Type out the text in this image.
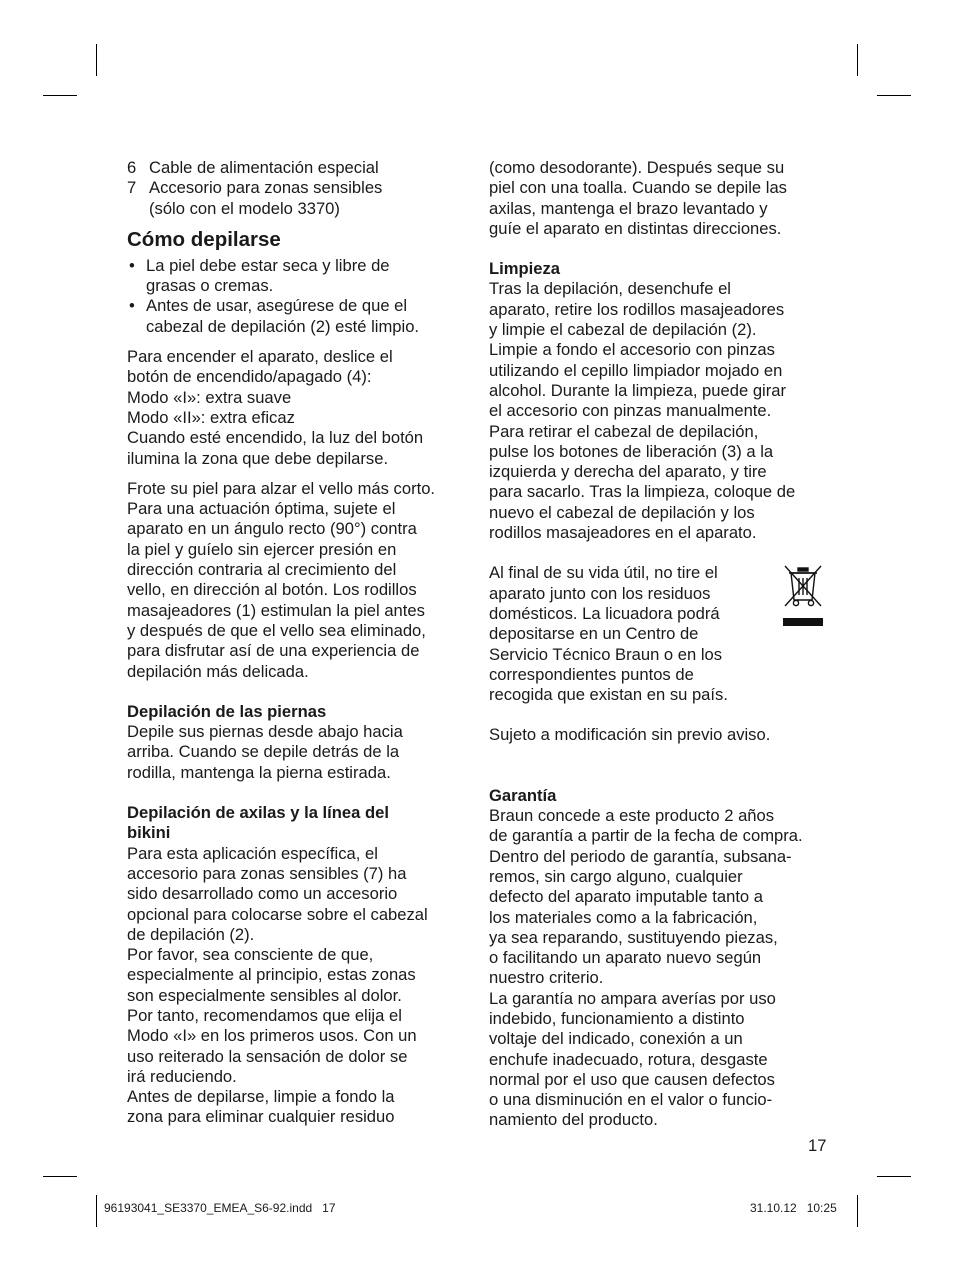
6 Cable de alimentación especial
7 Accesorio para zonas sensibles
(sólo con el modelo 3370)
Cómo depilarse
• La piel debe estar seca y libre de
grasas o cremas.
• Antes de usar, asegúrese de que el
cabezal de depilación (2) esté limpio.

Para encender el aparato, deslice el
botón de encendido/apagado (4):
Modo «I»: extra suave
Modo «II»: extra eficaz
Cuando esté encendido, la luz del botón
ilumina la zona que debe depilarse.

Frote su piel para alzar el vello más corto.
Para una actuación óptima, sujete el
aparato en un ángulo recto (90°) contra
la piel y guíelo sin ejercer presión en
dirección contraria al crecimiento del
vello, en dirección al botón. Los rodillos
masajeadores (1) estimulan la piel antes
y después de que el vello sea eliminado,
para disfrutar así de una experiencia de
depilación más delicada.

Depilación de las piernas

Depile sus piernas desde abajo hacia
arriba. Cuando se depile detrás de la
rodilla, mantenga la pierna estirada.

Depilación de axilas y la línea del
bikini

Para esta aplicación específica, el
accesorio para zonas sensibles (7) ha
sido desarrollado como un accesorio
opcional para colocarse sobre el cabezal
de depilación (2).
Por favor, sea consciente de que,
especialmente al principio, estas zonas
son especialmente sensibles al dolor.
Por tanto, recomendamos que elija el
Modo «I» en los primeros usos. Con un
uso reiterado la sensación de dolor se
irá reduciendo.
Antes de depilarse, limpie a fondo la
zona para eliminar cualquier residuo

(como desodorante). Después seque su
piel con una toalla. Cuando se depile las
axilas, mantenga el brazo levantado y
guíe el aparato en distintas direcciones.

Limpieza

Tras la depilación, desenchufe el
aparato, retire los rodillos masajeadores
y limpie el cabezal de depilación (2).
Limpie a fondo el accesorio con pinzas
utilizando el cepillo limpiador mojado en
alcohol. Durante la limpieza, puede girar
el accesorio con pinzas manualmente.
Para retirar el cabezal de depilación,
pulse los botones de liberación (3) a la
izquierda y derecha del aparato, y tire
para sacarlo. Tras la limpieza, coloque de
nuevo el cabezal de depilación y los
rodillos masajeadores en el aparato.

Al final de su vida útil, no tire el
aparato junto con los residuos
domésticos. La licuadora podrá
depositarse en un Centro de
Servicio Técnico Braun o en los
correspondientes puntos de
recogida que existan en su país.

Sujeto a modificación sin previo aviso.

Garantía

Braun concede a este producto 2 años
de garantía a partir de la fecha de compra.
Dentro del periodo de garantía, subsana-
remos, sin cargo alguno, cualquier
defecto del aparato imputable tanto a
los materiales como a la fabricación,
ya sea reparando, sustituyendo piezas,
o facilitando un aparato nuevo según
nuestro criterio.
La garantía no ampara averías por uso
indebido, funcionamiento a distinto
voltaje del indicado, conexión a un
enchufe inadecuado, rotura, desgaste
normal por el uso que causen defectos
o una disminución en el valor o funcio-
namiento del producto.

17
96193041_SE3370_EMEA_S6-92.indd   17	31.10.12   10:25
